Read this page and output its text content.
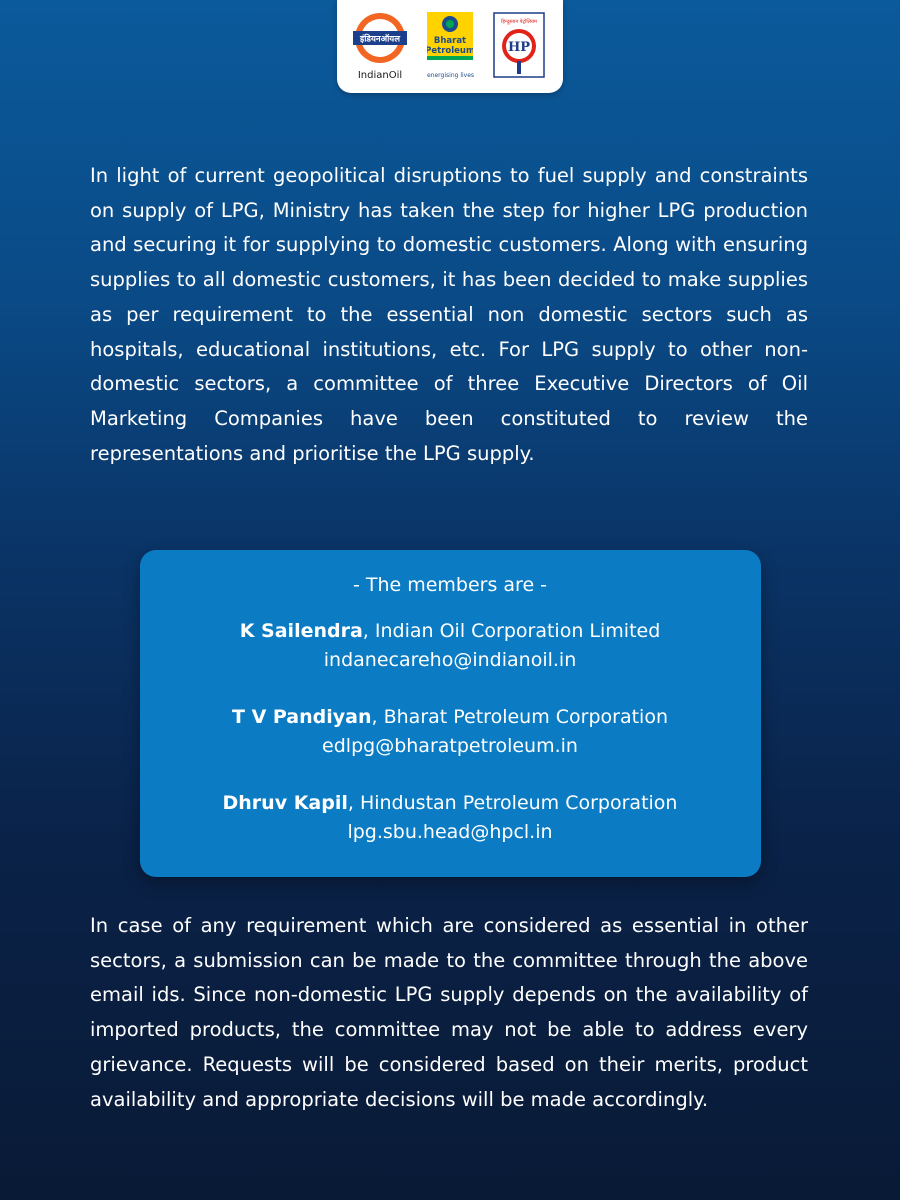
इंडियनऑयल
IndianOil
Bharat
Petroleum
energising lives
हिन्दुस्तान पेट्रोलियम
HP

In light of current geopolitical disruptions to fuel supply and constraints on supply of LPG, Ministry has taken the step for higher LPG production and securing it for supplying to domestic customers. Along with ensuring supplies to all domestic customers, it has been decided to make supplies as per requirement to the essential non domestic sectors such as hospitals, educational institutions, etc. For LPG supply to other non-domestic sectors, a committee of three Executive Directors of Oil Marketing Companies have been constituted to review the representations and prioritise the LPG supply.

- The members are -
K Sailendra, Indian Oil Corporation Limited
indanecareho@indianoil.in
T V Pandiyan, Bharat Petroleum Corporation
edlpg@bharatpetroleum.in
Dhruv Kapil, Hindustan Petroleum Corporation
lpg.sbu.head@hpcl.in

In case of any requirement which are considered as essential in other sectors, a submission can be made to the committee through the above email ids. Since non-domestic LPG supply depends on the availability of imported products, the committee may not be able to address every grievance. Requests will be considered based on their merits, product availability and appropriate decisions will be made accordingly.
